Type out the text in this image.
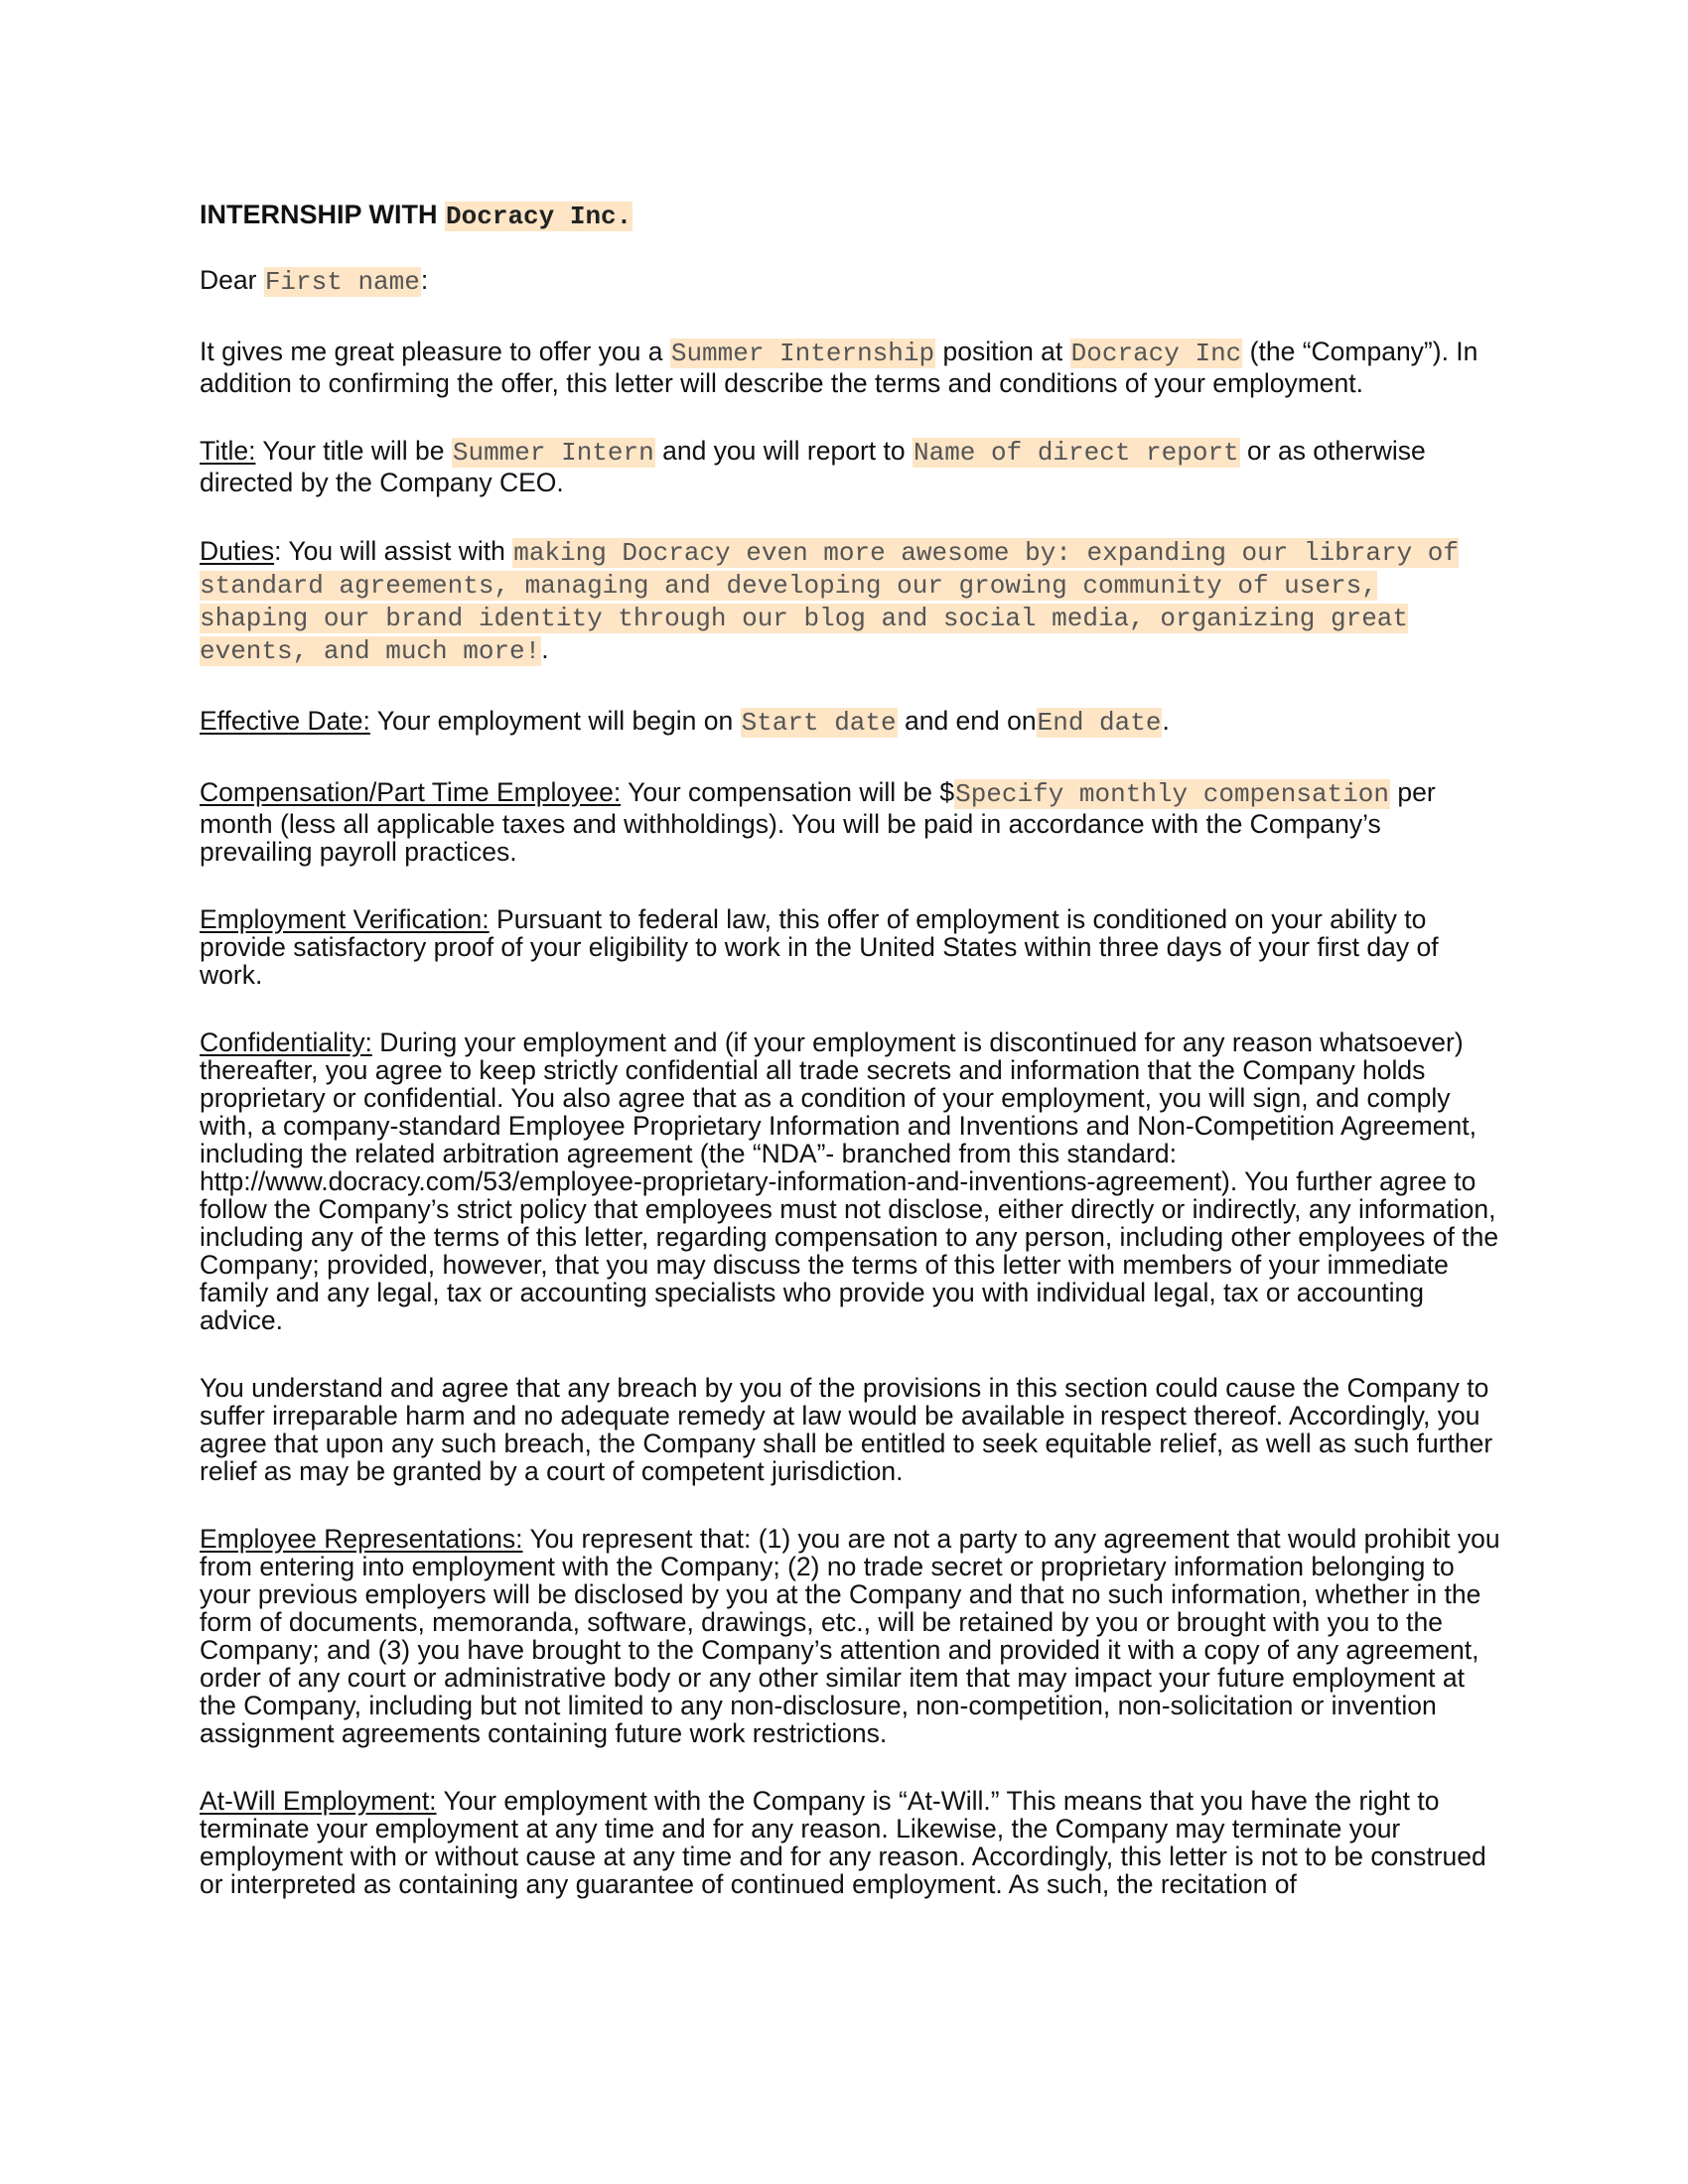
INTERNSHIP WITH Docracy Inc.

Dear First name:

It gives me great pleasure to offer you a Summer Internship position at Docracy Inc (the “Company”). In addition to confirming the offer, this letter will describe the terms and conditions of your employment.

Title: Your title will be Summer Intern and you will report to Name of direct report or as otherwise directed by the Company CEO.

Duties: You will assist with making Docracy even more awesome by: expanding our library of standard agreements, managing and developing our growing community of users, shaping our brand identity through our blog and social media, organizing great events, and much more!.

Effective Date: Your employment will begin on Start date and end onEnd date.

Compensation/Part Time Employee: Your compensation will be $Specify monthly compensation per month (less all applicable taxes and withholdings). You will be paid in accordance with the Company’s prevailing payroll practices.

Employment Verification: Pursuant to federal law, this offer of employment is conditioned on your ability to provide satisfactory proof of your eligibility to work in the United States within three days of your first day of work.

Confidentiality: During your employment and (if your employment is discontinued for any reason whatsoever) thereafter, you agree to keep strictly confidential all trade secrets and information that the Company holds proprietary or confidential. You also agree that as a condition of your employment, you will sign, and comply with, a company-standard Employee Proprietary Information and Inventions and Non-Competition Agreement, including the related arbitration agreement (the “NDA”- branched from this standard: http://www.docracy.com/53/employee-proprietary-information-and-inventions-agreement). You further agree to follow the Company’s strict policy that employees must not disclose, either directly or indirectly, any information, including any of the terms of this letter, regarding compensation to any person, including other employees of the Company; provided, however, that you may discuss the terms of this letter with members of your immediate family and any legal, tax or accounting specialists who provide you with individual legal, tax or accounting advice.

You understand and agree that any breach by you of the provisions in this section could cause the Company to suffer irreparable harm and no adequate remedy at law would be available in respect thereof. Accordingly, you agree that upon any such breach, the Company shall be entitled to seek equitable relief, as well as such further relief as may be granted by a court of competent jurisdiction.

Employee Representations: You represent that: (1) you are not a party to any agreement that would prohibit you from entering into employment with the Company; (2) no trade secret or proprietary information belonging to your previous employers will be disclosed by you at the Company and that no such information, whether in the form of documents, memoranda, software, drawings, etc., will be retained by you or brought with you to the Company; and (3) you have brought to the Company’s attention and provided it with a copy of any agreement, order of any court or administrative body or any other similar item that may impact your future employment at the Company, including but not limited to any non-disclosure, non-competition, non-solicitation or invention assignment agreements containing future work restrictions.

At-Will Employment: Your employment with the Company is “At-Will.” This means that you have the right to terminate your employment at any time and for any reason. Likewise, the Company may terminate your employment with or without cause at any time and for any reason. Accordingly, this letter is not to be construed or interpreted as containing any guarantee of continued employment. As such, the recitation of
